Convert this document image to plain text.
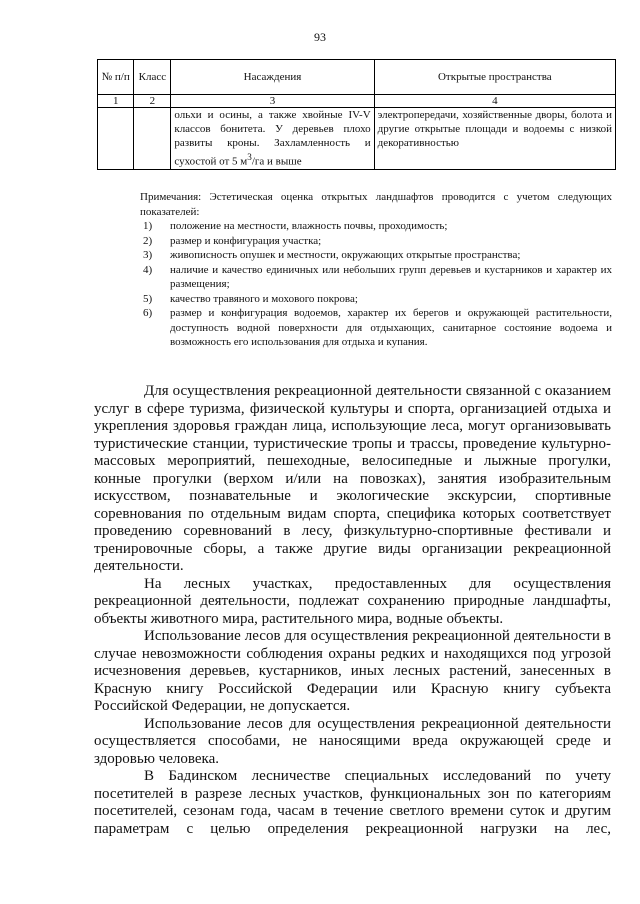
93
№ п/п	Класс	Насаждения	Открытые пространства
1	2	3	4
		ольхи и осины, а также хвойные IV-V классов бонитета. У деревьев плохо развиты кроны. Захламленность и сухостой от 5 $м^3/га$ и выше	электропередачи, хозяйственные дворы, болота и другие открытые площади и водоемы с низкой декоративностью

Примечания: Эстетическая оценка открытых ландшафтов проводится с учетом следующих показателей:

1) положение на местности, влажность почвы, проходимость;
2) размер и конфигурация участка;
3) живописность опушек и местности, окружающих открытые пространства;
4) наличие и качество единичных или небольших групп деревьев и кустарников и характер их размещения;
5) качество травяного и мохового покрова;
6) размер и конфигурация водоемов, характер их берегов и окружающей растительности, доступность водной поверхности для отдыхающих, санитарное состояние водоема и возможность его использования для отдыха и купания.

Для осуществления рекреационной деятельности связанной с оказанием услуг в сфере туризма, физической культуры и спорта, организацией отдыха и укрепления здоровья граждан лица, использующие леса, могут организовывать туристические станции, туристические тропы и трассы, проведение культурно-массовых мероприятий, пешеходные, велосипедные и лыжные прогулки, конные прогулки (верхом и/или на повозках), занятия изобразительным искусством, познавательные и экологические экскурсии, спортивные соревнования по отдельным видам спорта, специфика которых соответствует проведению соревнований в лесу, физкультурно-спортивные фестивали и тренировочные сборы, а также другие виды организации рекреационной деятельности.

На лесных участках, предоставленных для осуществления рекреационной деятельности, подлежат сохранению природные ландшафты, объекты животного мира, растительного мира, водные объекты.

Использование лесов для осуществления рекреационной деятельности в случае невозможности соблюдения охраны редких и находящихся под угрозой исчезновения деревьев, кустарников, иных лесных растений, занесенных в Красную книгу Российской Федерации или Красную книгу субъекта Российской Федерации, не допускается.

Использование лесов для осуществления рекреационной деятельности осуществляется способами, не наносящими вреда окружающей среде и здоровью человека.

В Бадинском лесничестве специальных исследований по учету посетителей в разрезе лесных участков, функциональных зон по категориям посетителей, сезонам года, часам в течение светлого времени суток и другим параметрам с целью определения рекреационной нагрузки на лес,
